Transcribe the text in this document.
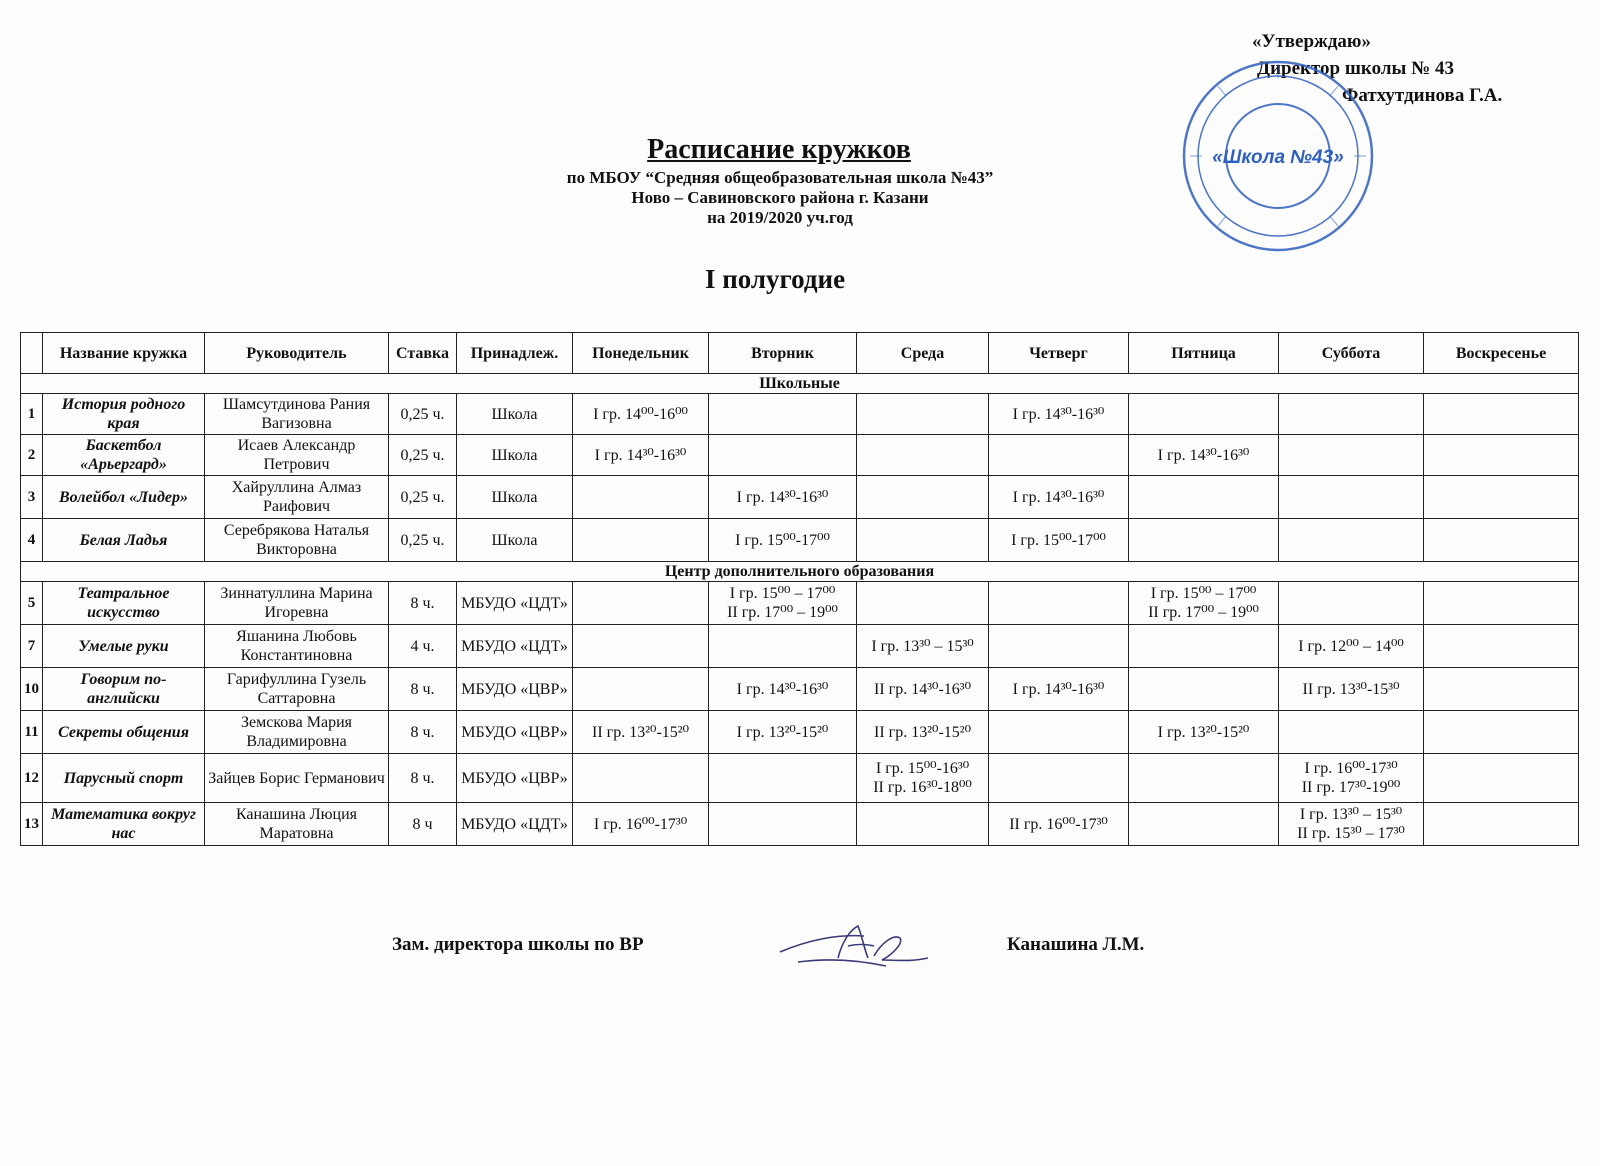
«Утверждаю»
Директор школы № 43
Фатхутдинова Г.А.
«Школа №43»
Расписание кружков
по МБОУ “Средняя общеобразовательная школа №43”
Ново – Савиновского района г. Казани
на 2019/2020 уч.год
I полугодие
	Название кружка	Руководитель	Ставка	Принадлеж.	Понедельник	Вторник	Среда	Четверг	Пятница	Суббота	Воскресенье
Школьные											
1	История родного края	Шамсутдинова Рания Вагизовна	0,25 ч.	Школа	I гр. 14⁰⁰-16⁰⁰			I гр. 14³⁰-16³⁰			
2	Баскетбол «Арьергард»	Исаев Александр Петрович	0,25 ч.	Школа	I гр. 14³⁰-16³⁰				I гр. 14³⁰-16³⁰		
3	Волейбол «Лидер»	Хайруллина Алмаз Раифович	0,25 ч.	Школа		I гр. 14³⁰-16³⁰		I гр. 14³⁰-16³⁰			
4	Белая Ладья	Серебрякова Наталья Викторовна	0,25 ч.	Школа		I гр. 15⁰⁰-17⁰⁰		I гр. 15⁰⁰-17⁰⁰			
Центр дополнительного образования											
5	Театральное искусство	Зиннатуллина Марина Игоревна	8 ч.	МБУДО «ЦДТ»		I гр. 15⁰⁰ – 17⁰⁰
II гр. 17⁰⁰ – 19⁰⁰			I гр. 15⁰⁰ – 17⁰⁰
II гр. 17⁰⁰ – 19⁰⁰		
7	Умелые руки	Яшанина Любовь Константиновна	4 ч.	МБУДО «ЦДТ»			I гр. 13³⁰ – 15³⁰			I гр. 12⁰⁰ – 14⁰⁰	
10	Говорим по-английски	Гарифуллина Гузель Саттаровна	8 ч.	МБУДО «ЦВР»		I гр. 14³⁰-16³⁰	II гр. 14³⁰-16³⁰	I гр. 14³⁰-16³⁰		II гр. 13³⁰-15³⁰	
11	Секреты общения	Земскова Мария Владимировна	8 ч.	МБУДО «ЦВР»	II гр. 13²⁰-15²⁰	I гр. 13²⁰-15²⁰	II гр. 13²⁰-15²⁰		I гр. 13²⁰-15²⁰		
12	Парусный спорт	Зайцев Борис Германович	8 ч.	МБУДО «ЦВР»			I гр. 15⁰⁰-16³⁰
II гр. 16³⁰-18⁰⁰			I гр. 16⁰⁰-17³⁰
II гр. 17³⁰-19⁰⁰	
13	Математика вокруг нас	Канашина Люция Маратовна	8 ч	МБУДО «ЦДТ»	I гр. 16⁰⁰-17³⁰			II гр. 16⁰⁰-17³⁰		I гр. 13³⁰ – 15³⁰
II гр. 15³⁰ – 17³⁰	
Зам. директора школы по ВР	Канашина Л.М.
